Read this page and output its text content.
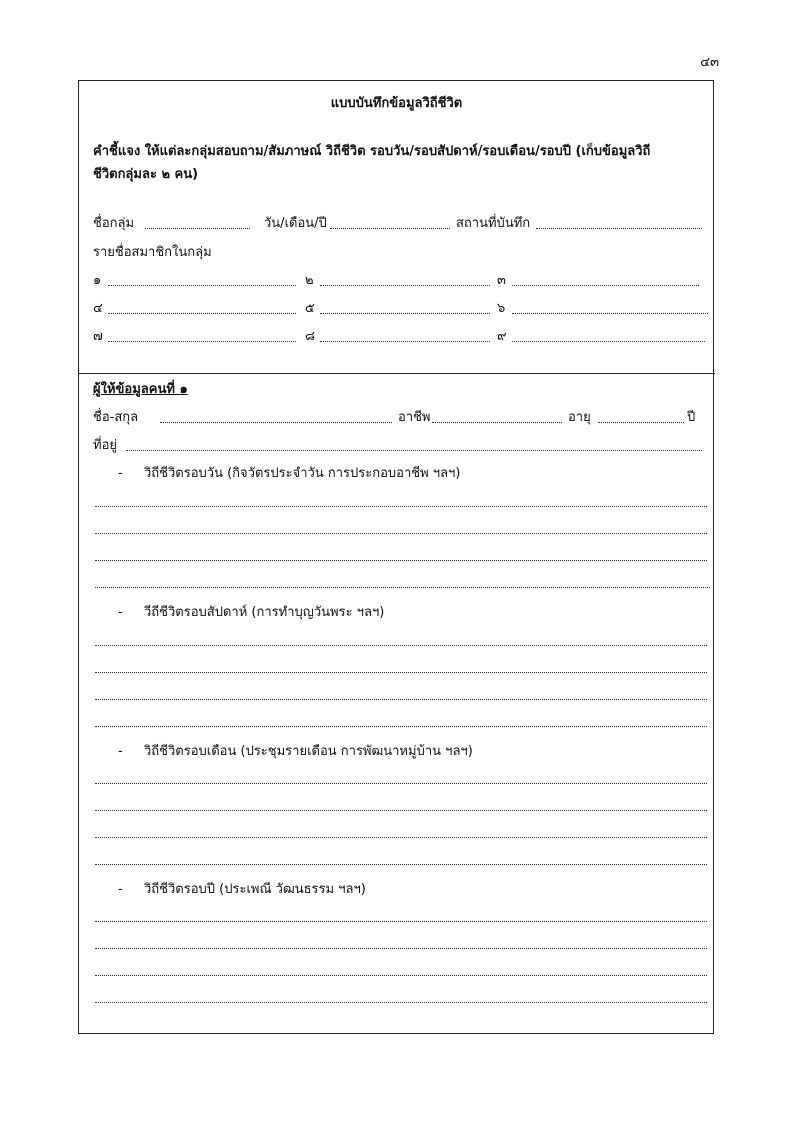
๔๓
แบบบันทึกข้อมูลวิถีชีวิต
คำชี้แจง ให้แต่ละกลุ่มสอบถาม/สัมภาษณ์ วิถีชีวิต รอบวัน/รอบสัปดาห์/รอบเดือน/รอบปี (เก็บข้อมูลวิถี
ชีวิตกลุ่มละ ๒ คน)
ชื่อกลุ่ม	วัน/เดือน/ปี	สถานที่บันทึก
รายชื่อสมาชิกในกลุ่ม
๑	๒	๓
๔	๕	๖
๗	๘	๙
ผู้ให้ข้อมูลคนที่ ๑
ชื่อ-สกุล	อาชีพ	อายุ	ปี
ที่อยู่
- วิถีชีวิตรอบวัน (กิจวัตรประจำวัน การประกอบอาชีพ ฯลฯ)
- วีถีชีวิตรอบสัปดาห์ (การทำบุญวันพระ ฯลฯ)
- วิถีชีวิตรอบเดือน (ประชุมรายเดือน การพัฒนาหมู่บ้าน ฯลฯ)
- วิถีชีวิตรอบปี (ประเพณี วัฒนธรรม ฯลฯ)
